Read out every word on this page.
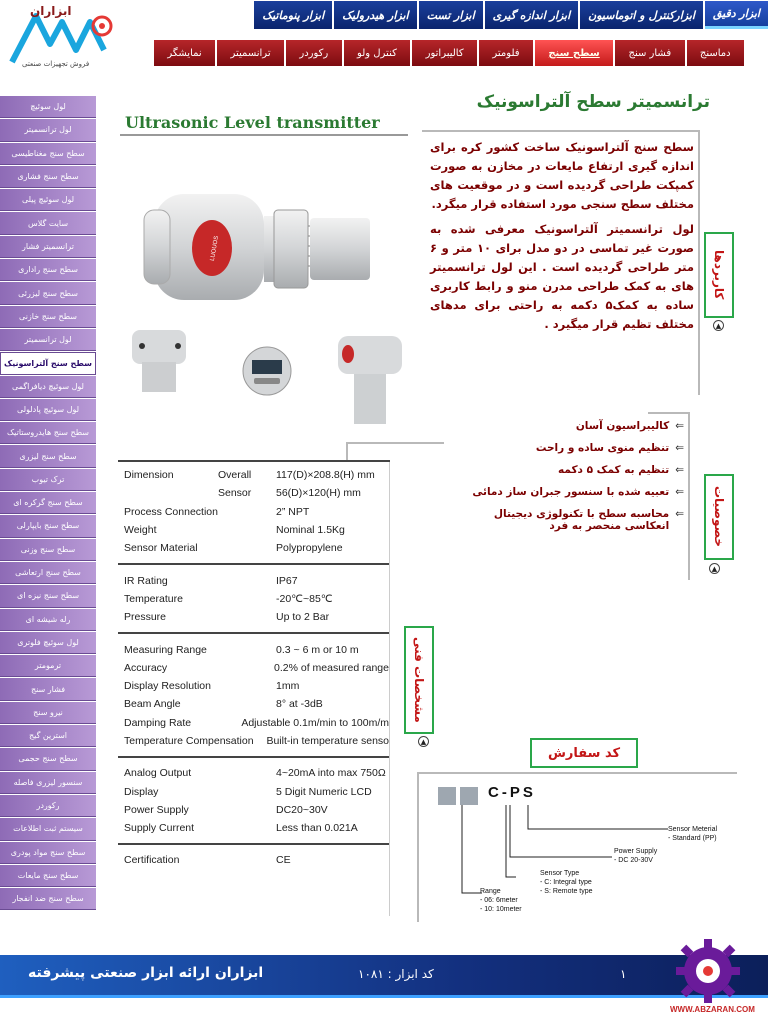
ابزاران
فروش تجهیزات صنعتی
ابزار دقیق
ابزارکنترل و اتوماسیون
ابزار اندازه گیری
ابزار تست
ابزار هیدرولیک
ابزار پنوماتیک
دماسنج
فشار سنج
سطح سنج
فلومتر
کالیبراتور
کنترل ولو
رکوردر
ترانسمیتر
نمایشگر
لول سوئیچ
لول ترانسمیتر
سطح سنج مغناطیسی
سطح سنج فشاری
لول سوئیچ پیلی
سایت گلاس
ترانسمیتر فشار
سطح سنج راداری
سطح سنج لیزرئی
سطح سنج خازنی
لول ترانسمیتر
سطح سنج آلتراسونیک
لول سوئیچ دیافراگمی
لول سوئیچ پادلولی
سطح سنج هایدروستاتیک
سطح سنج لیزری
ترک تیوب
سطح سنج گرکره ای
سطح سنج بایپارلی
سطح سنج وزنی
سطح سنج ارتعاشی
سطح سنج نیزه ای
رله شیشه ای
لول سوئیچ فلوتری
ترمومتر
فشار سنج
نیرو سنج
استرین گیج
سطح سنج حجمی
سنسور لیزری فاصله
رکوردر
سیستم ثبت اطلاعات
سطح سنج مواد پودری
سطح سنج مایعات
سطح سنج ضد انفجار
ترانسمیتر سطح آلتراسونیک
Ultrasonic Level transmitter
LUOUOS

سطح سنج آلتراسونیک ساخت کشور کره برای اندازه گیری ارتفاع مایعات در مخازن به صورت کمپکت طراحی گردیده است و در موقعیت های مختلف سطح سنجی مورد استفاده قرار میگرد.

لول ترانسمیتر آلتراسونیک معرفی شده به صورت غیر تماسی در دو مدل برای ۱۰ متر و ۶ متر طراحی گردیده است . این لول ترانسمیتر های به کمک طراحی مدرن منو و رابط کاربری ساده به کمک۵ دکمه به راحتی برای مدهای مختلف تظیم قرار میگیرد .

کاربردها
▲
⇐
کالیبراسیون آسان
⇐
تنظیم منوی ساده و راحت
⇐
تنظیم به کمک ۵ دکمه
⇐
تعبیه شده با سنسور جبران ساز دمائی
⇐
محاسبه سطح با تکنولوژی دیجیتال انعکاسی منحصر به فرد	خصوصیات
▲
مشخصات فنی
▲
Dimension	Overall	117(D)×208.8(H) mm
Sensor	56(D)×120(H) mm
Process Connection	2” NPT
Weight	Nominal 1.5Kg
Sensor Material	Polypropylene
IR Rating	IP67
Temperature	-20℃~85℃
Pressure	Up to 2 Bar
Measuring Range	0.3 ~ 6 m or 10 m
Accuracy	0.2% of measured range
Display Resolution	1mm
Beam Angle	8° at -3dB
Damping Rate	Adjustable 0.1m/min to 100m/m
Temperature Compensation	Built-in temperature senso
Analog Output	4~20mA into max 750Ω
Display	5 Digit Numeric LCD
Power Supply	DC20~30V
Supply Current	Less than 0.021A
Certification	CE
کد سفارش
C-PS
Sensor Meterial
- Standard (PP)
Power Supply
- DC 20-30V
Sensor Type
- C: Integral type
- S: Remote type
Range
- 06: 6meter
- 10: 10meter
ابزاران ارائه ابزار صنعتی پیشرفته	کد ابزار : ۱۰۸۱	۱
WWW.ABZARAN.COM
